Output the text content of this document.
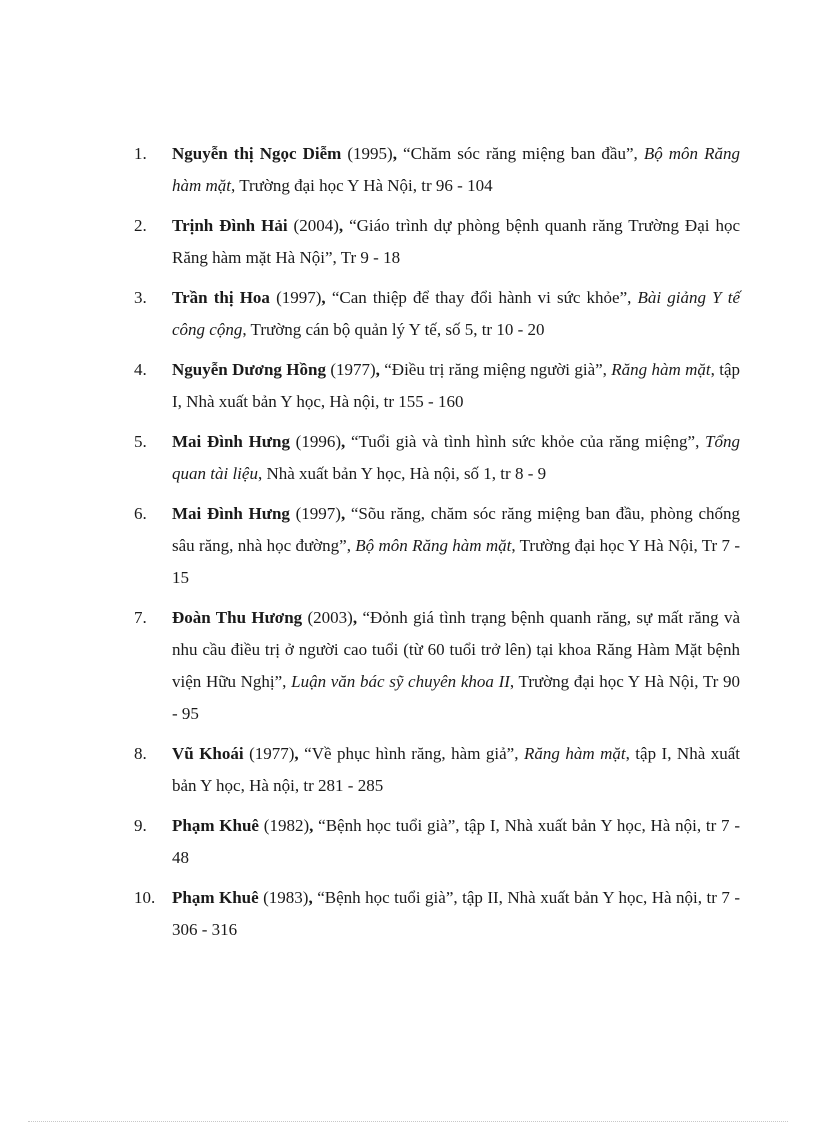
1. Nguyễn thị Ngọc Diễm (1995), “Chăm sóc răng miệng ban đầu”, Bộ môn Răng hàm mặt, Trường đại học Y Hà Nội, tr 96 - 104
2. Trịnh Đình Hải (2004), “Giáo trình dự phòng bệnh quanh răng Trường Đại học Răng hàm mặt Hà Nội”, Tr 9 - 18
3. Trần thị Hoa (1997), “Can thiệp để thay đổi hành vi sức khỏe”, Bài giảng Y tế công cộng, Trường cán bộ quản lý Y tế, số 5, tr 10 - 20
4. Nguyễn Dương Hồng (1977), “Điều trị răng miệng người già”, Răng hàm mặt, tập I, Nhà xuất bản Y học, Hà nội, tr 155 - 160
5. Mai Đình Hưng (1996), “Tuổi già và tình hình sức khỏe của răng miệng”, Tổng quan tài liệu, Nhà xuất bản Y học, Hà nội, số 1, tr 8 - 9
6. Mai Đình Hưng (1997), “Sõu răng, chăm sóc răng miệng ban đầu, phòng chống sâu răng, nhà học đường”, Bộ môn Răng hàm mặt, Trường đại học Y Hà Nội, Tr 7 - 15
7. Đoàn Thu Hương (2003), “Đỏnh giá tình trạng bệnh quanh răng, sự mất răng và nhu cầu điều trị ở người cao tuổi (từ 60 tuổi trở lên) tại khoa Răng Hàm Mặt bệnh viện Hữu Nghị”, Luận văn bác sỹ chuyên khoa II, Trường đại học Y Hà Nội, Tr 90 - 95
8. Vũ Khoái (1977), “Về phục hình răng, hàm giả”, Răng hàm mặt, tập I, Nhà xuất bản Y học, Hà nội, tr 281 - 285
9. Phạm Khuê (1982), “Bệnh học tuổi già”, tập I, Nhà xuất bản Y học, Hà nội, tr 7 - 48
10. Phạm Khuê (1983), “Bệnh học tuổi già”, tập II, Nhà xuất bản Y học, Hà nội, tr 7 - 306 - 316
